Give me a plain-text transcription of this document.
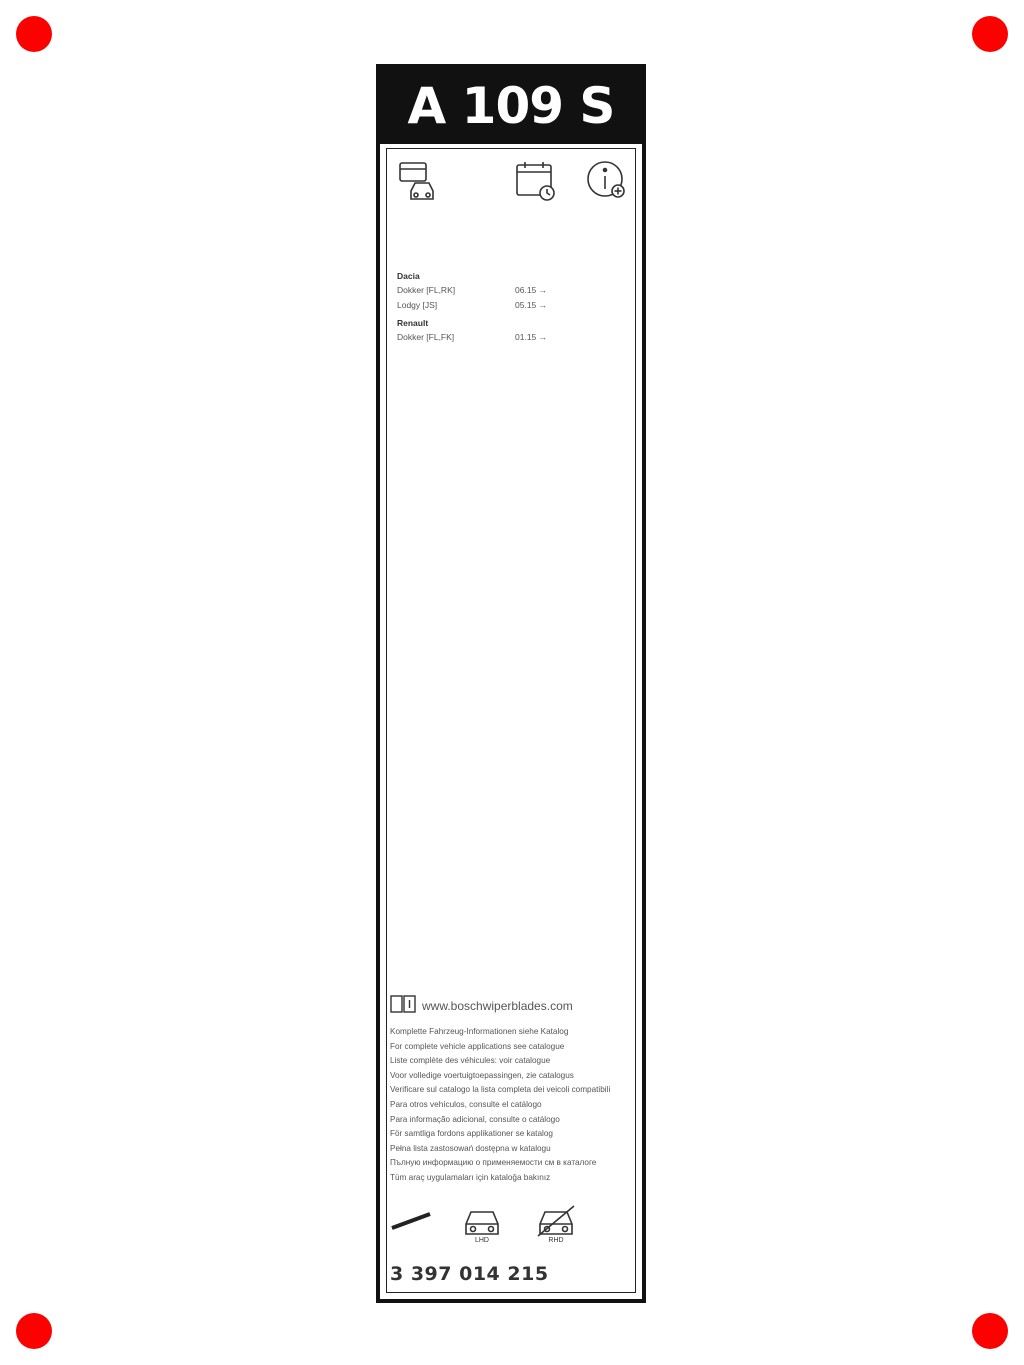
A 109 S
Dacia
Dokker [FL,RK]	06.15 →
Lodgy [JS]	05.15 →
Renault
Dokker [FL,FK]	01.15 →
www.boschwiperblades.com
Komplette Fahrzeug-Informationen siehe Katalog
For complete vehicle applications see catalogue
Liste complète des véhicules: voir catalogue
Voor volledige voertuigtoepassingen, zie catalogus
Verificare sul catalogo la lista completa dei veicoli compatibili
Para otros vehículos, consulte el catálogo
Para informação adicional, consulte o catálogo
För samtliga fordons applikationer se katalog
Pełna lista zastosowań dostępna w katalogu
Пълную информацию о применяемости см в каталоге
Tüm araç uygulamaları için kataloğa bakınız
LHD	RHD
3 397 014 215
